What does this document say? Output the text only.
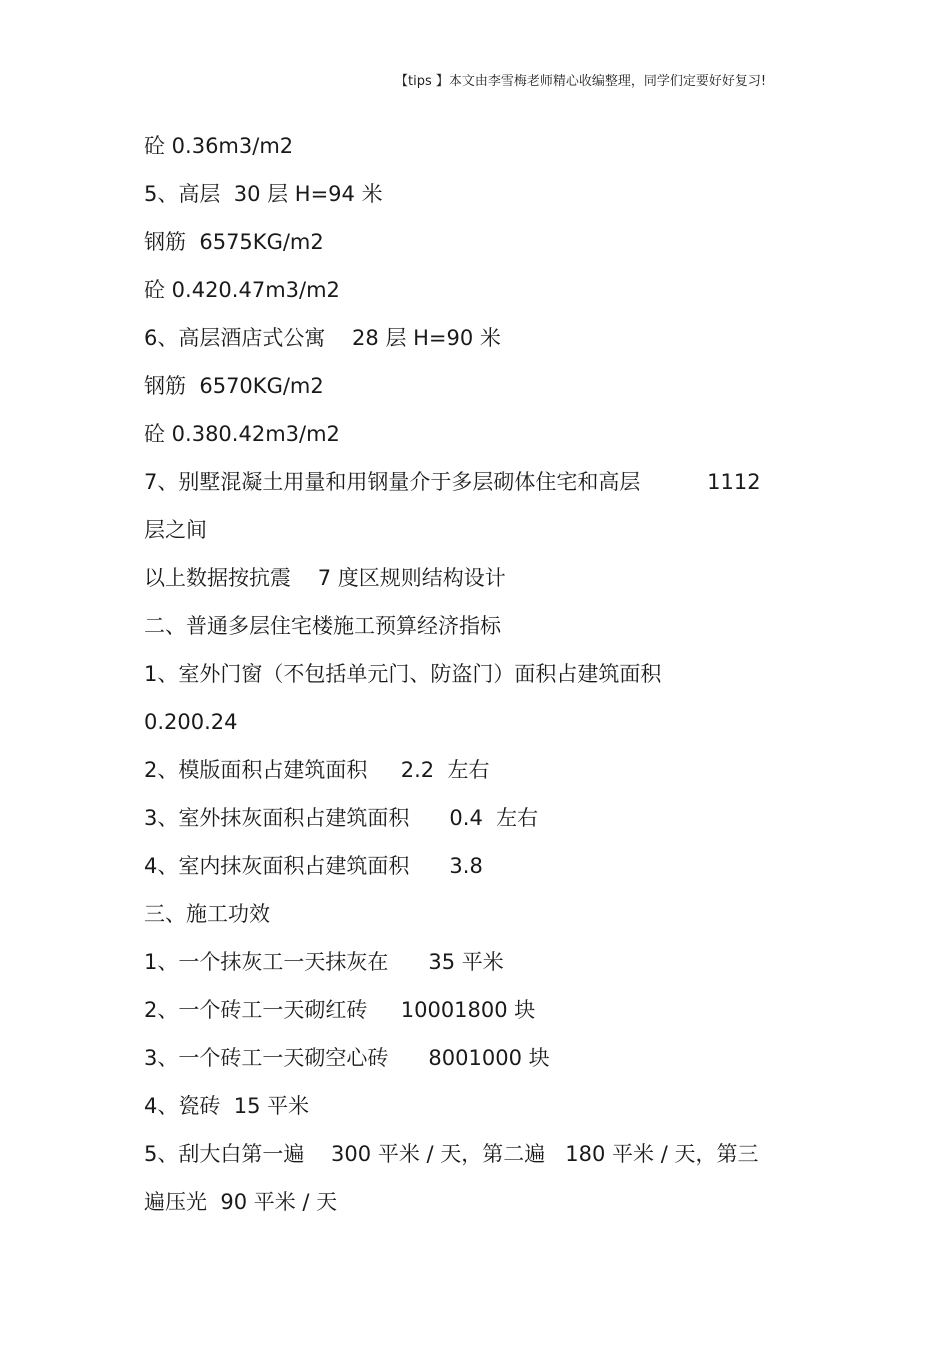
【tips 】本文由李雪梅老师精心收编整理，同学们定要好好复习!
砼 0.36m3/m2
5、高层  30 层 H=94 米
钢筋  6575KG/m2
砼 0.420.47m3/m2
6、高层酒店式公寓    28 层 H=90 米
钢筋  6570KG/m2
砼 0.380.42m3/m2
7、别墅混凝土用量和用钢量介于多层砌体住宅和高层          1112
层之间
以上数据按抗震    7 度区规则结构设计
二、普通多层住宅楼施工预算经济指标
1、室外门窗（不包括单元门、防盗门）面积占建筑面积
0.200.24
2、模版面积占建筑面积     2.2  左右
3、室外抹灰面积占建筑面积      0.4  左右
4、室内抹灰面积占建筑面积      3.8
三、施工功效
1、一个抹灰工一天抹灰在      35 平米
2、一个砖工一天砌红砖     10001800 块
3、一个砖工一天砌空心砖      8001000 块
4、瓷砖  15 平米
5、刮大白第一遍    300 平米 / 天，第二遍   180 平米 / 天，第三
遍压光  90 平米 / 天
